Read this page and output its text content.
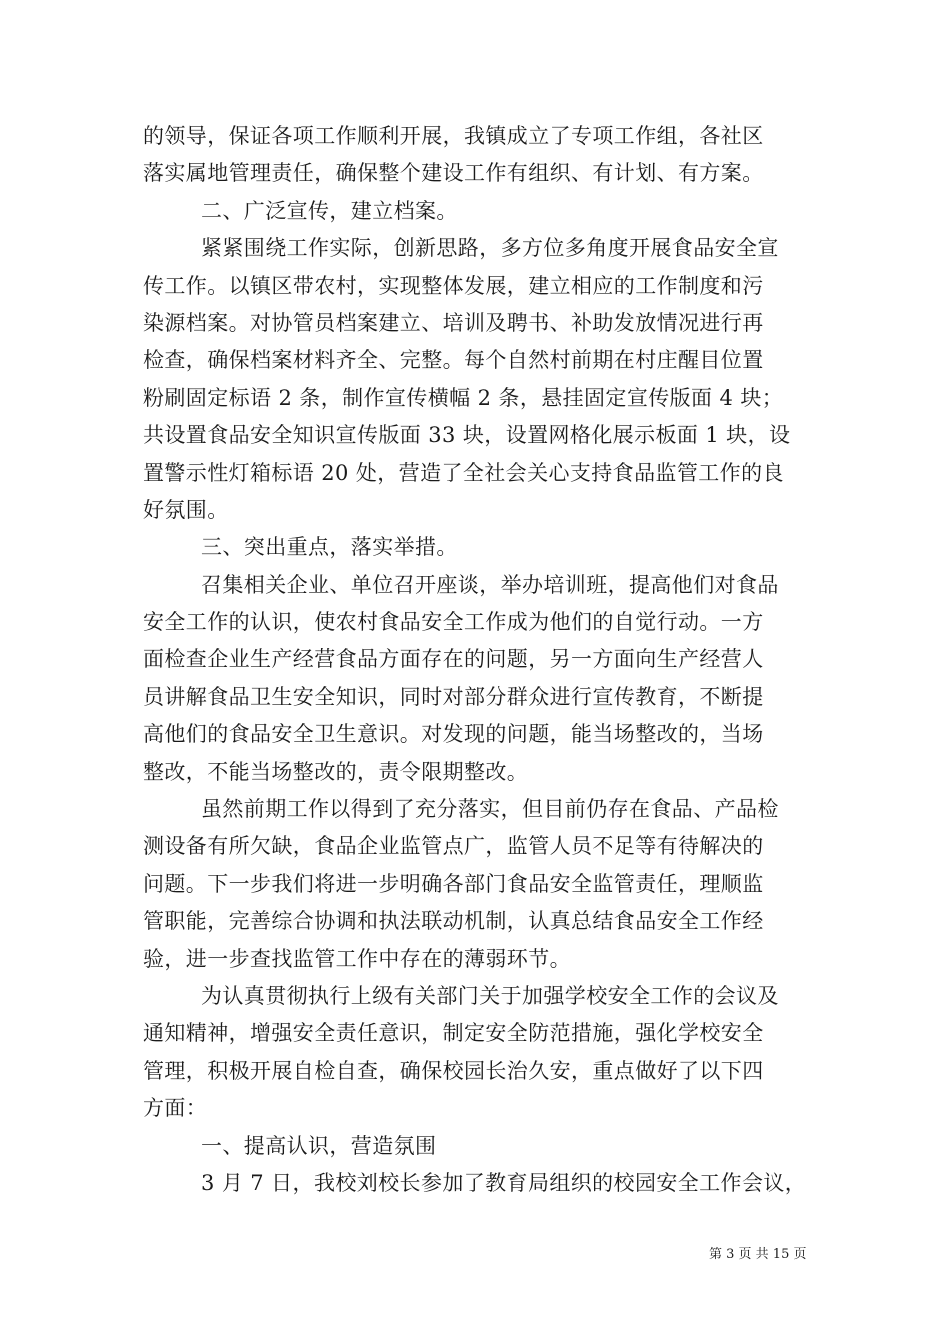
的领导，保证各项工作顺利开展，我镇成立了专项工作组，各社区
落实属地管理责任，确保整个建设工作有组织、有计划、有方案。
二、广泛宣传，建立档案。
紧紧围绕工作实际，创新思路，多方位多角度开展食品安全宣
传工作。以镇区带农村，实现整体发展，建立相应的工作制度和污
染源档案。对协管员档案建立、培训及聘书、补助发放情况进行再
检查，确保档案材料齐全、完整。每个自然村前期在村庄醒目位置
粉刷固定标语 2 条，制作宣传横幅 2 条，悬挂固定宣传版面 4 块；
共设置食品安全知识宣传版面 33 块，设置网格化展示板面 1 块，设
置警示性灯箱标语 20 处，营造了全社会关心支持食品监管工作的良
好氛围。
三、突出重点，落实举措。
召集相关企业、单位召开座谈，举办培训班，提高他们对食品
安全工作的认识，使农村食品安全工作成为他们的自觉行动。一方
面检查企业生产经营食品方面存在的问题，另一方面向生产经营人
员讲解食品卫生安全知识，同时对部分群众进行宣传教育，不断提
高他们的食品安全卫生意识。对发现的问题，能当场整改的，当场
整改，不能当场整改的，责令限期整改。
虽然前期工作以得到了充分落实，但目前仍存在食品、产品检
测设备有所欠缺，食品企业监管点广，监管人员不足等有待解决的
问题。下一步我们将进一步明确各部门食品安全监管责任，理顺监
管职能，完善综合协调和执法联动机制，认真总结食品安全工作经
验，进一步查找监管工作中存在的薄弱环节。
为认真贯彻执行上级有关部门关于加强学校安全工作的会议及
通知精神，增强安全责任意识，制定安全防范措施，强化学校安全
管理，积极开展自检自查，确保校园长治久安，重点做好了以下四
方面：
一、提高认识，营造氛围
3 月 7 日，我校刘校长参加了教育局组织的校园安全工作会议，
第 3 页 共 15 页
